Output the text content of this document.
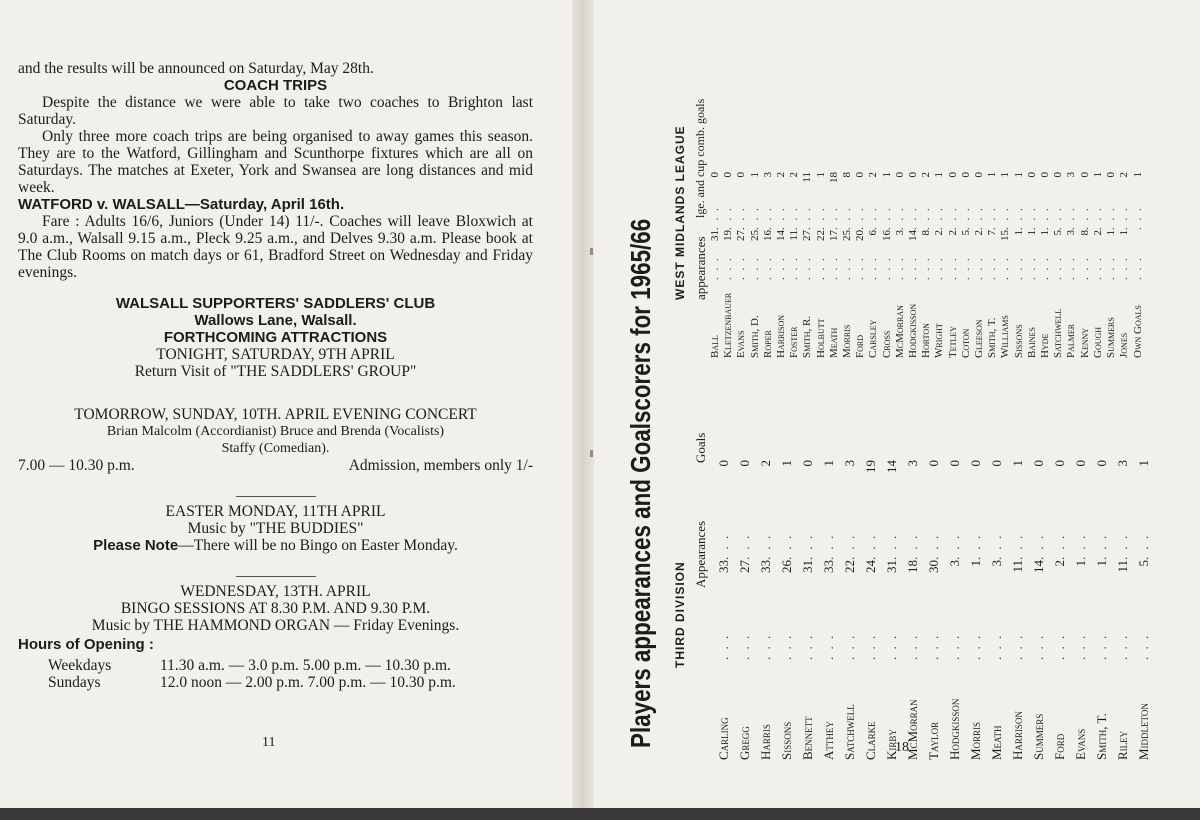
and the results will be announced on Saturday, May 28th.

COACH TRIPS

Despite the distance we were able to take two coaches to Brighton last Saturday.

Only three more coach trips are being organised to away games this season. They are to the Watford, Gillingham and Scunthorpe fixtures which are all on Saturdays. The matches at Exeter, York and Swansea are long distances and mid week.

WATFORD v. WALSALL—Saturday, April 16th.

Fare : Adults 16/6, Juniors (Under 14) 11/-. Coaches will leave Bloxwich at 9.0 a.m., Walsall 9.15 a.m., Pleck 9.25 a.m., and Delves 9.30 a.m. Please book at The Club Rooms on match days or 61, Bradford Street on Wednesday and Friday evenings.

WALSALL SUPPORTERS' SADDLERS' CLUB

Wallows Lane, Walsall.

FORTHCOMING ATTRACTIONS

TONIGHT, SATURDAY, 9TH APRIL

Return Visit of "THE SADDLERS' GROUP"

TOMORROW, SUNDAY, 10TH. APRIL EVENING CONCERT

Brian Malcolm (Accordianist) Bruce and Brenda (Vocalists)

Staffy (Comedian).

7.00 — 10.30 p.m.	Admission, members only 1/-

EASTER MONDAY, 11TH APRIL

Music by "THE BUDDIES"

Please Note—There will be no Bingo on Easter Monday.

WEDNESDAY, 13TH. APRIL

BINGO SESSIONS AT 8.30 P.M. AND 9.30 P.M.

Music by THE HAMMOND ORGAN — Friday Evenings.

Hours of Opening :

Weekdays	11.30 a.m. — 3.0 p.m. 5.00 p.m. — 10.30 p.m.
Sundays	12.0 noon — 2.00 p.m. 7.00 p.m. — 10.30 p.m.
11	Players appearances and Goalscorers for 1965/66 THIRD DIVISION
Appearances
Goals
Carling	. . .	33	. . .	0
Gregg	. . .	27	. . .	0
Harris	. . .	33	. . .	2
Sissons	. . .	26	. . .	1
Bennett	. . .	31	. . .	0
Atthey	. . .	33	. . .	1
Satchwell	. . .	22	. . .	3
Clarke	. . .	24	. . .	19
Kirby	. . .	31	. . .	14
McMorran	. . .	18	. . .	3
Taylor	. . .	30	. . .	0
Hodgkisson	. . .	3	. . .	0
Morris	. . .	1	. . .	0
Meath	. . .	3	. . .	0
Harrison	. . .	11	. . .	1
Summers	. . .	14	. . .	0
Ford	. . .	2	. . .	0
Evans	. . .	1	. . .	0
Smith, T.	. . .	1	. . .	0
Riley	. . .	11	. . .	3
Middleton	. . .	5	. . .	1
WEST MIDLANDS LEAGUE appearances
lge. and cup comb. goals
Ball	. . .	31	. . .	0
Kletzenbauer	. . .	19	. . .	0
Evans	. . .	27	. . .	0
Smith, D.	. . .	25	. . .	1
Roper	. . .	16	. . .	3
Harrison	. . .	14	. . .	2
Foster	. . .	11	. . .	2
Smith, R.	. . .	27	. . .	11
Holbutt	. . .	22	. . .	1
Meath	. . .	17	. . .	18
Morris	. . .	25	. . .	8
Ford	. . .	20	. . .	0
Carsley	. . .	6	. . .	2
Cross	. . .	16	. . .	1
McMorran	. . .	3	. . .	0
Hodgkisson	. . .	14	. . .	0
Horton	. . .	8	. . .	2
Wright	. . .	2	. . .	1
Tetley	. . .	2	. . .	0
Coton	. . .	5	. . .	0
Gleeson	. . .	2	. . .	0
Smith, T.	. . .	7	. . .	1
Williams	. . .	15	. . .	1
Sissons	. . .	1	. . .	1
Baines	. . .	1	. . .	0
Hyde	. . .	1	. . .	0
Satchwell	. . .	5	. . .	0
Palmer	. . .	3	. . .	3
Kenny	. . .	8	. . .	0
Gough	. . .	2	. . .	1
Summers	. . .	1	. . .	0
Jones	. . .	1	. . .	2
Own Goals	. . .		. . .	1
18
